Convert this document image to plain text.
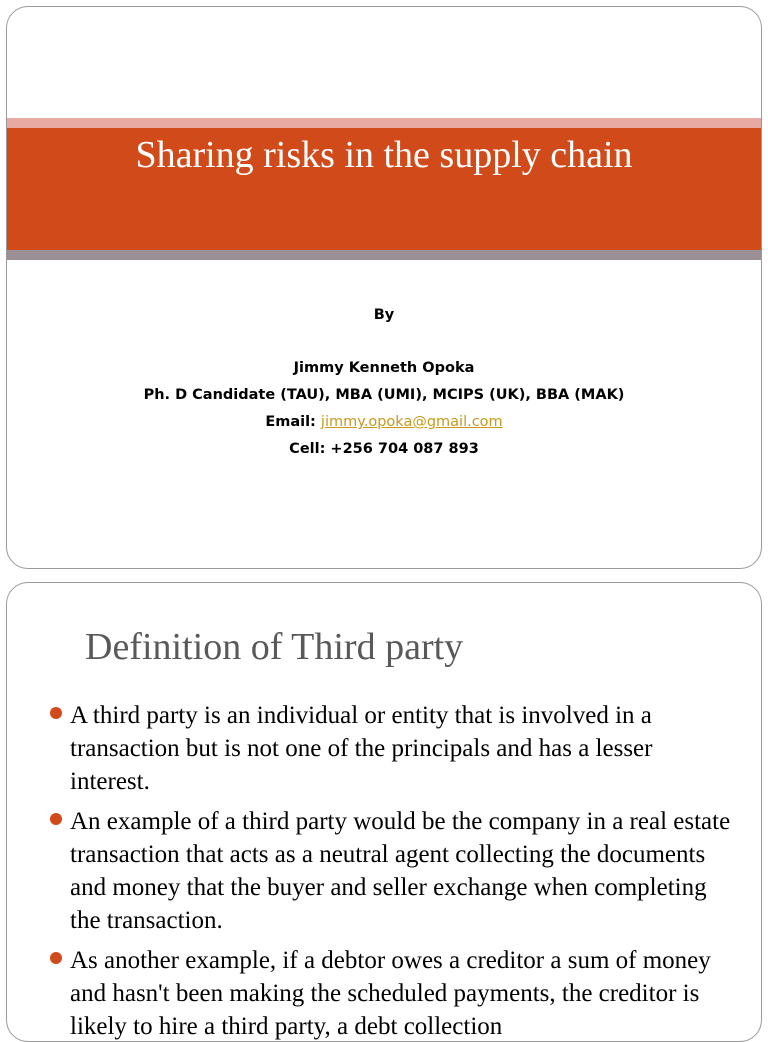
Sharing risks in the supply chain
By
Jimmy Kenneth Opoka
Ph. D Candidate (TAU), MBA (UMI), MCIPS (UK), BBA (MAK)
Email: jimmy.opoka@gmail.com
Cell: +256 704 087 893
Definition of Third party
A third party is an individual or entity that is involved in a transaction but is not one of the principals and has a lesser interest.
An example of a third party would be the company in a real estate transaction that acts as a neutral agent collecting the documents and money that the buyer and seller exchange when completing the transaction.
As another example, if a debtor owes a creditor a sum of money and hasn't been making the scheduled payments, the creditor is likely to hire a third party, a debt collection
